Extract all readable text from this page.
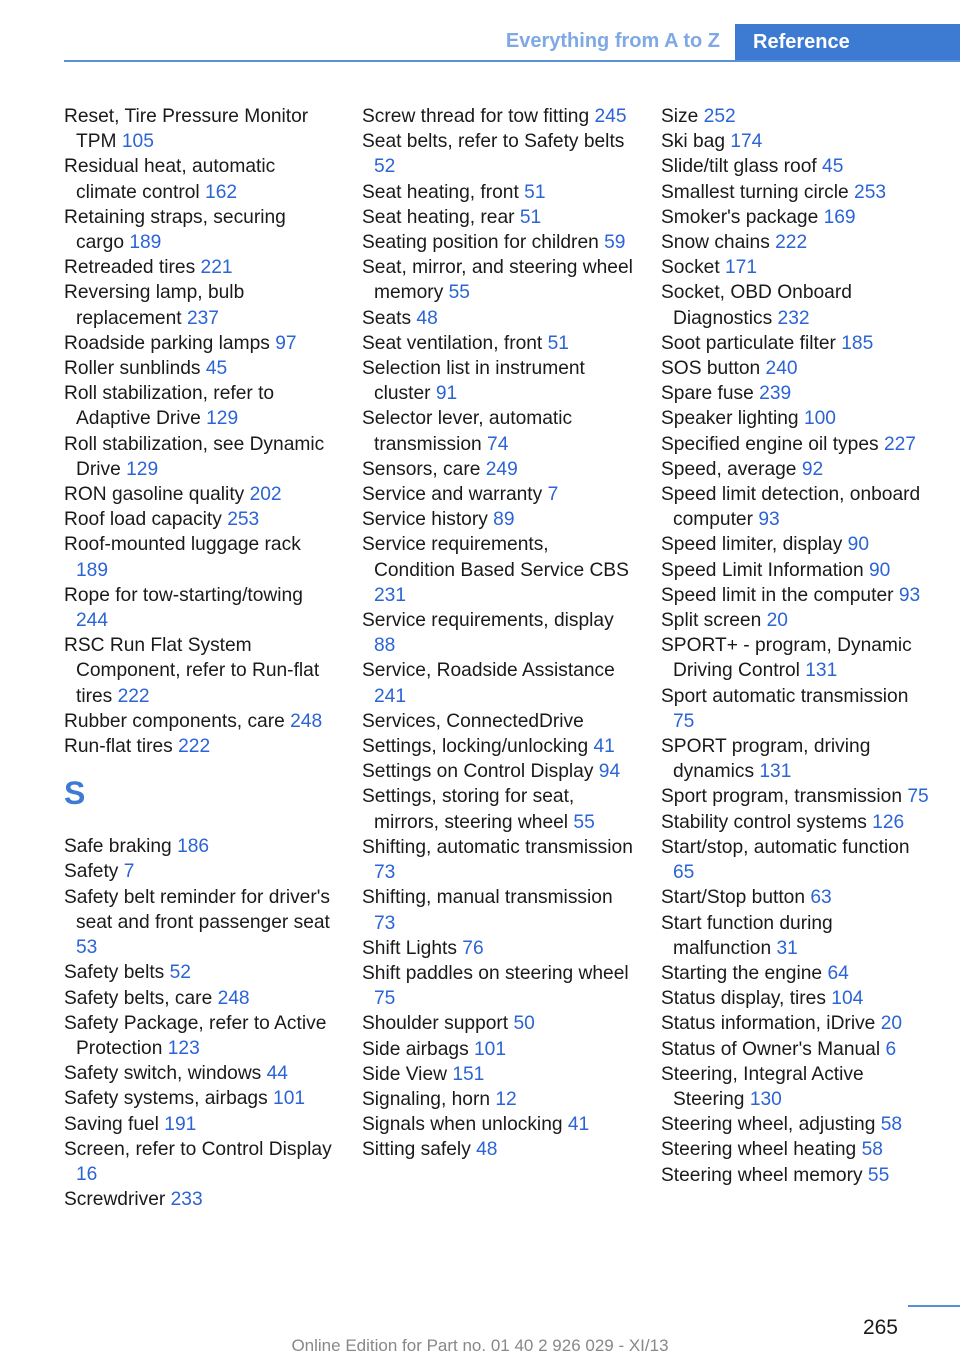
Everything from A to Z	Reference
Reset, Tire Pressure Monitor TPM 105
Residual heat, automatic climate control 162
Retaining straps, securing cargo 189
Retreaded tires 221
Reversing lamp, bulb replacement 237
Roadside parking lamps 97
Roller sunblinds 45
Roll stabilization, refer to Adaptive Drive 129
Roll stabilization, see Dynamic Drive 129
RON gasoline quality 202
Roof load capacity 253
Roof-mounted luggage rack 189
Rope for tow-starting/towing 244
RSC Run Flat System Component, refer to Run-flat tires 222
Rubber components, care 248
Run-flat tires 222
S
Safe braking 186
Safety 7
Safety belt reminder for driver's seat and front passenger seat 53
Safety belts 52
Safety belts, care 248
Safety Package, refer to Active Protection 123
Safety switch, windows 44
Safety systems, airbags 101
Saving fuel 191
Screen, refer to Control Display 16
Screwdriver 233
Screw thread for tow fitting 245
Seat belts, refer to Safety belts 52
Seat heating, front 51
Seat heating, rear 51
Seating position for children 59
Seat, mirror, and steering wheel memory 55
Seats 48
Seat ventilation, front 51
Selection list in instrument cluster 91
Selector lever, automatic transmission 74
Sensors, care 249
Service and warranty 7
Service history 89
Service requirements, Condition Based Service CBS 231
Service requirements, display 88
Service, Roadside Assistance 241
Services, ConnectedDrive
Settings, locking/unlocking 41
Settings on Control Display 94
Settings, storing for seat, mirrors, steering wheel 55
Shifting, automatic transmission 73
Shifting, manual transmission 73
Shift Lights 76
Shift paddles on steering wheel 75
Shoulder support 50
Side airbags 101
Side View 151
Signaling, horn 12
Signals when unlocking 41
Sitting safely 48
Size 252
Ski bag 174
Slide/tilt glass roof 45
Smallest turning circle 253
Smoker's package 169
Snow chains 222
Socket 171
Socket, OBD Onboard Diagnostics 232
Soot particulate filter 185
SOS button 240
Spare fuse 239
Speaker lighting 100
Specified engine oil types 227
Speed, average 92
Speed limit detection, onboard computer 93
Speed limiter, display 90
Speed Limit Information 90
Speed limit in the computer 93
Split screen 20
SPORT+ - program, Dynamic Driving Control 131
Sport automatic transmission 75
SPORT program, driving dynamics 131
Sport program, transmission 75
Stability control systems 126
Start/stop, automatic function 65
Start/Stop button 63
Start function during malfunction 31
Starting the engine 64
Status display, tires 104
Status information, iDrive 20
Status of Owner's Manual 6
Steering, Integral Active Steering 130
Steering wheel, adjusting 58
Steering wheel heating 58
Steering wheel memory 55
265
Online Edition for Part no. 01 40 2 926 029 - XI/13
